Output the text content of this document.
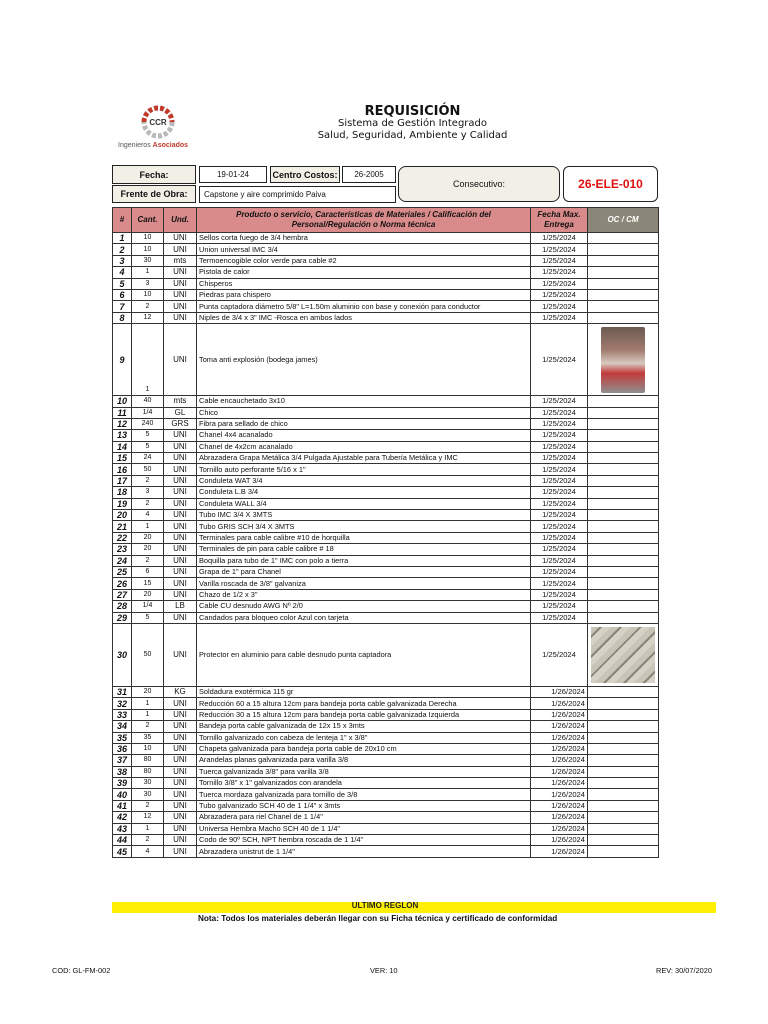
CCR
Ingenieros Asociados
REQUISICIÓN
Sistema de Gestión Integrado
Salud, Seguridad, Ambiente y Calidad
Fecha:	19-01-24	Centro Costos:	26-2005
Frente de Obra:	Capstone y aire comprimido Paiva
Consecutivo:	26-ELE-010
#	Cant.	Und.	Producto o servicio, Características de Materiales / Calificación del Personal/Regulación o Norma técnica	Fecha Max. Entrega	OC / CM
1	10	UNI	Sellos corta fuego de 3/4 hembra	1/25/2024	
2	10	UNI	Union universal IMC 3/4	1/25/2024	
3	30	mts	Termoencogible color verde para cable #2	1/25/2024	
4	1	UNI	Pistola de calor	1/25/2024	
5	3	UNI	Chisperos	1/25/2024	
6	10	UNI	Piedras para chispero	1/25/2024	
7	2	UNI	Punta captadora diámetro 5/8" L=1.50m aluminio con base y conexión para conductor	1/25/2024	
8	12	UNI	Niples de 3/4 x 3" IMC -Rosca en ambos lados	1/25/2024	
9	1	UNI	Toma anti explosión (bodega james)	1/25/2024	

10	40	mts	Cable encauchetado 3x10	1/25/2024	
11	1/4	GL	Chico	1/25/2024	
12	240	GRS	Fibra para sellado de chico	1/25/2024	
13	5	UNI	Chanel 4x4 acanalado	1/25/2024	
14	5	UNI	Chanel de 4x2cm acanalado	1/25/2024	
15	24	UNI	Abrazadera Grapa Metálica 3/4 Pulgada Ajustable para Tubería Metálica y IMC	1/25/2024	
16	50	UNI	Tornillo auto perforante 5/16 x 1"	1/25/2024	
17	2	UNI	Conduleta WAT 3/4	1/25/2024	
18	3	UNI	Conduleta L.B 3/4	1/25/2024	
19	2	UNI	Conduleta WALL 3/4	1/25/2024	
20	4	UNI	Tubo IMC 3/4 X 3MTS	1/25/2024	
21	1	UNI	Tubo GRIS SCH 3/4 X 3MTS	1/25/2024	
22	20	UNI	Terminales para cable calibre #10 de horquilla	1/25/2024	
23	20	UNI	Terminales de pin para cable calibre # 18	1/25/2024	
24	2	UNI	Boquilla para tubo de 1" IMC con polo a tierra	1/25/2024	
25	6	UNI	Grapa de 1" para Chanel	1/25/2024	
26	15	UNI	Varilla roscada de 3/8" galvaniza	1/25/2024	
27	20	UNI	Chazo de 1/2 x 3"	1/25/2024	
28	1/4	LB	Cable CU desnudo AWG Nº 2/0	1/25/2024	
29	5	UNI	Candados para bloqueo color Azul con tarjeta	1/25/2024	
30	50	UNI	Protector en aluminio para cable desnudo punta captadora	1/25/2024	

31	20	KG	Soldadura exotérmica 115 gr	1/26/2024	
32	1	UNI	Reducción 60 a 15 altura 12cm para bandeja porta cable galvanizada Derecha	1/26/2024	
33	1	UNI	Reducción 30 a 15 altura 12cm para bandeja porta cable galvanizada Izquierda	1/26/2024	
34	2	UNI	Bandeja porta cable galvanizada de 12x 15 x 3mts	1/26/2024	
35	35	UNI	Tornillo galvanizado con cabeza de lenteja 1" x 3/8"	1/26/2024	
36	10	UNI	Chapeta galvanizada para bandeja porta cable de 20x10 cm	1/26/2024	
37	80	UNI	Arandelas planas galvanizada para varilla 3/8	1/26/2024	
38	80	UNI	Tuerca galvanizada 3/8" para varilla 3/8	1/26/2024	
39	30	UNI	Tornillo 3/8" x 1" galvanizados con arandela	1/26/2024	
40	30	UNI	Tuerca mordaza galvanizada para tornillo de 3/8	1/26/2024	
41	2	UNI	Tubo galvanizado SCH 40 de 1 1/4" x 3mts	1/26/2024	
42	12	UNI	Abrazadera para riel Chanel de 1 1/4"	1/26/2024	
43	1	UNI	Universa Hembra Macho SCH 40 de 1 1/4"	1/26/2024	
44	2	UNI	Codo de 90º SCH, NPT hembra roscada de 1 1/4"	1/26/2024	
45	4	UNI	Abrazadera unistrut de 1 1/4"	1/26/2024	
ULTIMO REGLON
Nota: Todos los materiales deberán llegar con su Ficha técnica y certificado de conformidad
COD: GL-FM-002	VER: 10	REV: 30/07/2020
